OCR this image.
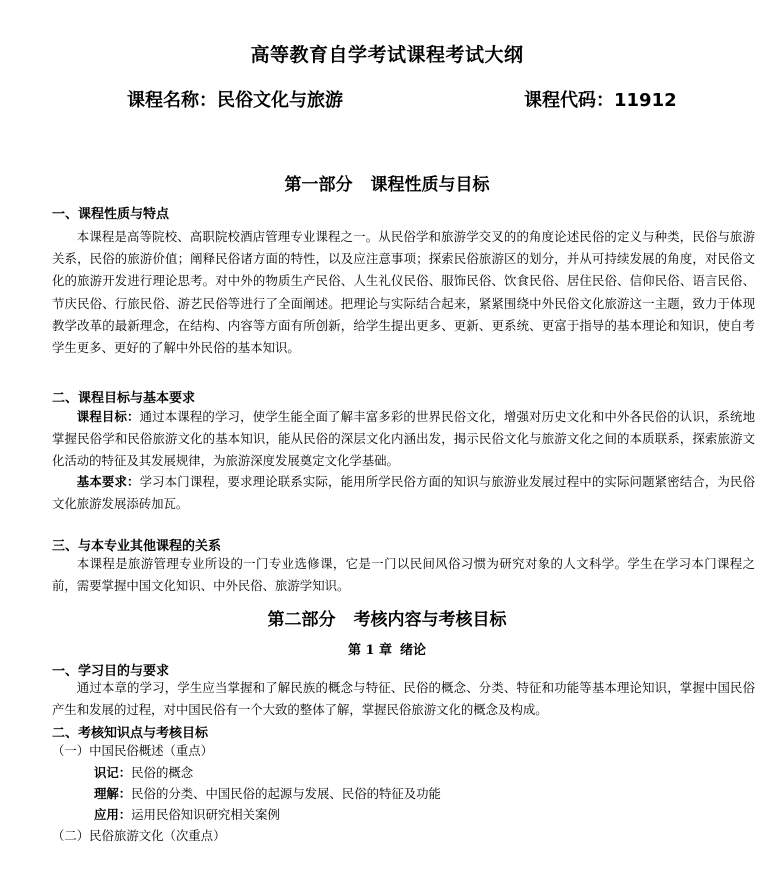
高等教育自学考试课程考试大纲
课程名称：民俗文化与旅游	课程代码：11912
第一部分 课程性质与目标
一、课程性质与特点

本课程是高等院校、高职院校酒店管理专业课程之一。从民俗学和旅游学交叉的的角度论述民俗的定义与种类，民俗与旅游关系，民俗的旅游价值；阐释民俗诸方面的特性，以及应注意事项；探索民俗旅游区的划分，并从可持续发展的角度，对民俗文化的旅游开发进行理论思考。对中外的物质生产民俗、人生礼仪民俗、服饰民俗、饮食民俗、居住民俗、信仰民俗、语言民俗、节庆民俗、行旅民俗、游艺民俗等进行了全面阐述。把理论与实际结合起来，紧紧围绕中外民俗文化旅游这一主题，致力于体现教学改革的最新理念，在结构、内容等方面有所创新，给学生提出更多、更新、更系统、更富于指导的基本理论和知识，使自考学生更多、更好的了解中外民俗的基本知识。

二、课程目标与基本要求

课程目标：通过本课程的学习，使学生能全面了解丰富多彩的世界民俗文化，增强对历史文化和中外各民俗的认识，系统地掌握民俗学和民俗旅游文化的基本知识，能从民俗的深层文化内涵出发，揭示民俗文化与旅游文化之间的本质联系，探索旅游文化活动的特征及其发展规律，为旅游深度发展奠定文化学基础。

基本要求：学习本门课程，要求理论联系实际，能用所学民俗方面的知识与旅游业发展过程中的实际问题紧密结合，为民俗文化旅游发展添砖加瓦。

三、与本专业其他课程的关系

本课程是旅游管理专业所设的一门专业选修课，它是一门以民间风俗习惯为研究对象的人文科学。学生在学习本门课程之前，需要掌握中国文化知识、中外民俗、旅游学知识。

第二部分 考核内容与考核目标
第 1 章 绪论
一、学习目的与要求

通过本章的学习，学生应当掌握和了解民族的概念与特征、民俗的概念、分类、特征和功能等基本理论知识，掌握中国民俗产生和发展的过程，对中国民俗有一个大致的整体了解，掌握民俗旅游文化的概念及构成。

二、考核知识点与考核目标
（一）中国民俗概述（重点）
识记：民俗的概念
理解：民俗的分类、中国民俗的起源与发展、民俗的特征及功能
应用：运用民俗知识研究相关案例
（二）民俗旅游文化（次重点）
